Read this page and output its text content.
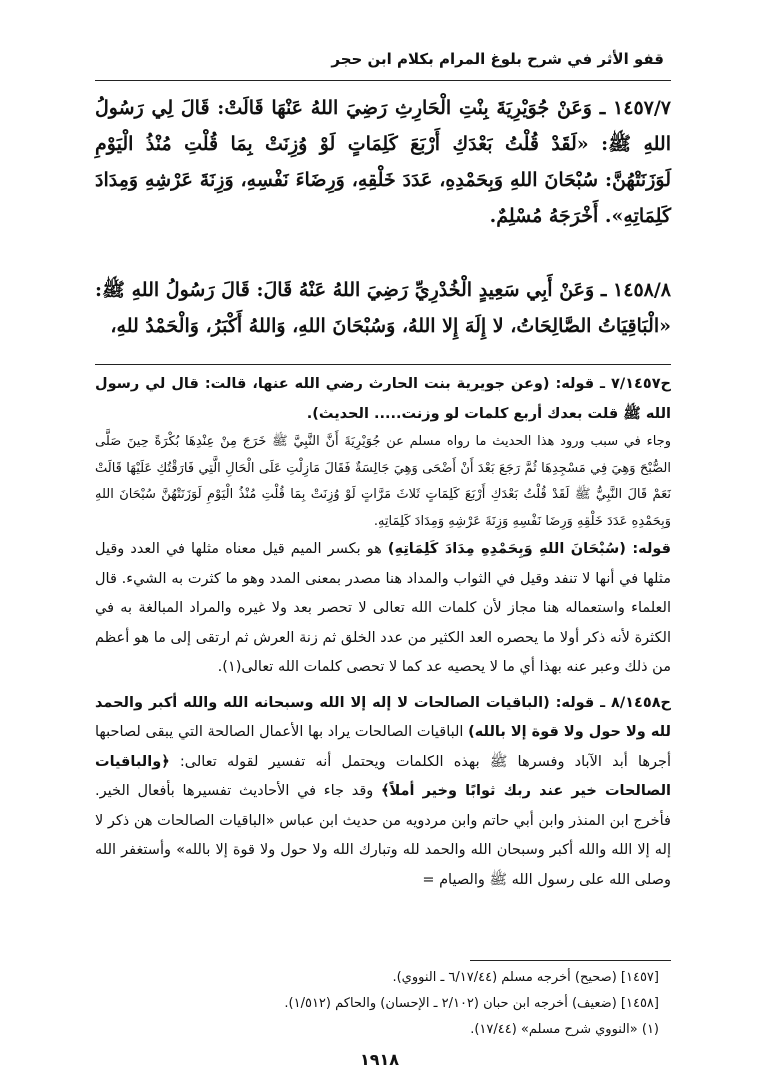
قفو الأثر في شرح بلوغ المرام بكلام ابن حجر

١٤٥٧/٧ ـ وَعَنْ جُوَيْرِيَةَ بِنْتِ الْحَارِثِ رَضِيَ اللهُ عَنْهَا قَالَتْ: قَالَ لِي رَسُولُ اللهِ ﷺ: «لَقَدْ قُلْتُ بَعْدَكِ أَرْبَعَ كَلِمَاتٍ لَوْ وُزِنَتْ بِمَا قُلْتِ مُنْذُ الْيَوْمِ لَوَزَنَتْهُنَّ: سُبْحَانَ اللهِ وَبِحَمْدِهِ، عَدَدَ خَلْقِهِ، وَرِضَاءَ نَفْسِهِ، وَزِنَةَ عَرْشِهِ وَمِدَادَ كَلِمَاتِهِ». أَخْرَجَهُ مُسْلِمٌ.

١٤٥٨/٨ ـ وَعَنْ أَبِي سَعِيدٍ الْخُدْرِيِّ رَضِيَ اللهُ عَنْهُ قَالَ: قَالَ رَسُولُ اللهِ ﷺ: «الْبَاقِيَاتُ الصَّالِحَاتُ، لا إِلَهَ إِلا اللهُ، وَسُبْحَانَ اللهِ، وَاللهُ أَكْبَرُ، وَالْحَمْدُ للهِ،

ح٧/١٤٥٧ ـ قوله: (وعن جويرية بنت الحارث رضي الله عنها، قالت: قال لي رسول الله ﷺ قلت بعدك أربع كلمات لو وزنت..... الحديث).

وجاء في سبب ورود هذا الحديث ما رواه مسلم عن جُوَيْرِيَةَ أَنَّ النَّبِيَّ ﷺ خَرَجَ مِنْ عِنْدِهَا بُكْرَةً حِينَ صَلَّى الصُّبْحَ وَهِيَ فِي مَسْجِدِهَا ثُمَّ رَجَعَ بَعْدَ أَنْ أَضْحَى وَهِيَ جَالِسَةٌ فَقَالَ مَازِلْتِ عَلَى الْحَالِ الَّتِي فَارَقْتُكِ عَلَيْهَا قَالَتْ نَعَمْ قَالَ النَّبِيُّ ﷺ لَقَدْ قُلْتُ بَعْدَكِ أَرْبَعَ كَلِمَاتٍ ثَلاثَ مَرَّاتٍ لَوْ وُزِنَتْ بِمَا قُلْتِ مُنْذُ الْيَوْمِ لَوَزَنَتْهُنَّ سُبْحَانَ اللهِ وَبِحَمْدِهِ عَدَدَ خَلْقِهِ وَرِضَا نَفْسِهِ وَزِنَةَ عَرْشِهِ وَمِدَادَ كَلِمَاتِهِ.

قوله: (سُبْحَانَ اللهِ وَبِحَمْدِهِ مِدَادَ كَلِمَاتِهِ) هو بكسر الميم قيل معناه مثلها في العدد وقيل مثلها في أنها لا تنفد وقيل في الثواب والمداد هنا مصدر بمعنى المدد وهو ما كثرت به الشيء. قال العلماء واستعماله هنا مجاز لأن كلمات الله تعالى لا تحصر بعد ولا غيره والمراد المبالغة به في الكثرة لأنه ذكر أولا ما يحصره العد الكثير من عدد الخلق ثم زنة العرش ثم ارتقى إلى ما هو أعظم من ذلك وعبر عنه بهذا أي ما لا يحصيه عد كما لا تحصى كلمات الله تعالى(١).

ح٨/١٤٥٨ ـ قوله: (الباقيات الصالحات لا إله إلا الله وسبحانه الله والله أكبر والحمد لله ولا حول ولا قوة إلا بالله) الباقيات الصالحات يراد بها الأعمال الصالحة التي يبقى لصاحبها أجرها أبد الآباد وفسرها ﷺ بهذه الكلمات ويحتمل أنه تفسير لقوله تعالى: ﴿والباقيات الصالحات خير عند ربك ثوابًا وخير أملاً﴾ وقد جاء في الأحاديث تفسيرها بأفعال الخير. فأخرج ابن المنذر وابن أبي حاتم وابن مردويه من حديث ابن عباس «الباقيات الصالحات هن ذكر لا إله إلا الله والله أكبر وسبحان الله والحمد لله وتبارك الله ولا حول ولا قوة إلا بالله» وأستغفر الله وصلى الله على رسول الله ﷺ والصيام =

[١٤٥٧] (صحيح) أخرجه مسلم (٦/١٧/٤٤ ـ النووي).

[١٤٥٨] (ضعيف) أخرجه ابن حبان (٢/١٠٢ ـ الإحسان) والحاكم (١/٥١٢).

(١) «النووي شرح مسلم» (١٧/٤٤).

١٩١٨
